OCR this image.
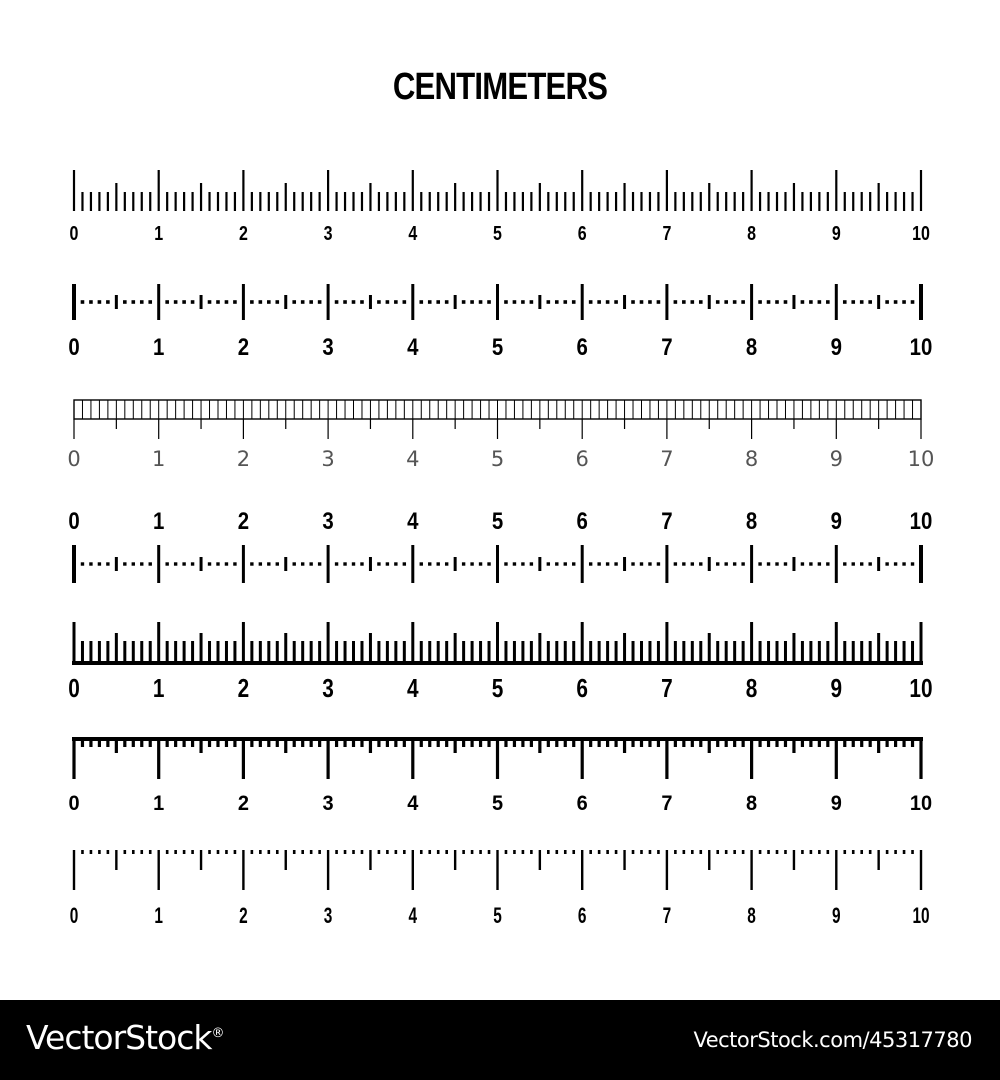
CENTIMETERS
0	1	2	3	4	5	6	7	8	9	10
0	1	2	3	4	5	6	7	8	9	10
0	1	2	3	4	5	6	7	8	9	10
0	1	2	3	4	5	6	7	8	9	10
0	1	2	3	4	5	6	7	8	9	10
0	1	2	3	4	5	6	7	8	9	10
0	1	2	3	4	5	6	7	8	9	10
VectorStock®	VectorStock.com/45317780
